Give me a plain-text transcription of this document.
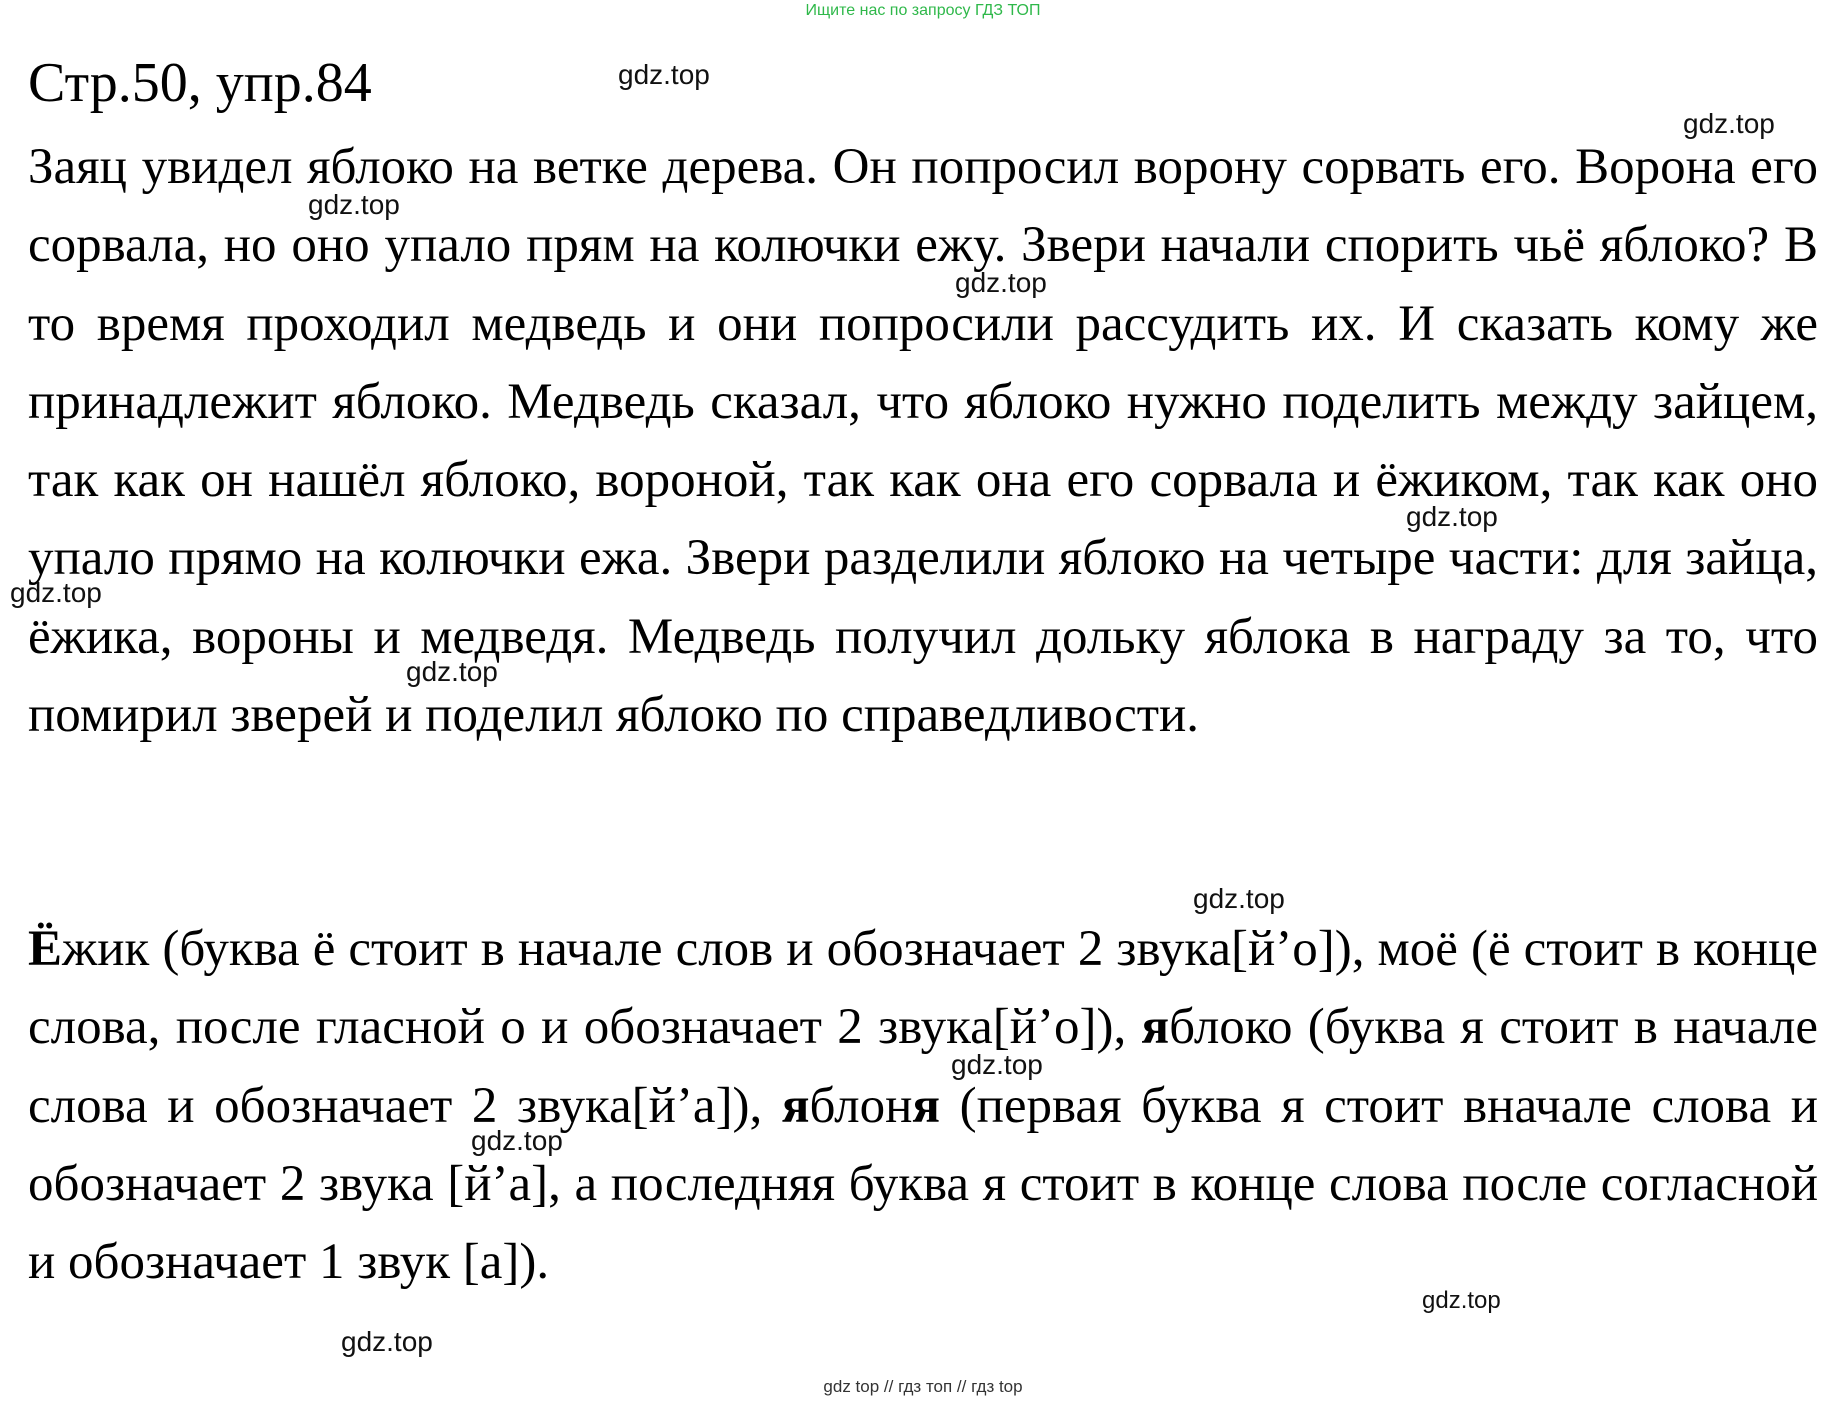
Ищите нас по запросу ГДЗ ТОП
Стр.50, упр.84

Заяц увидел яблоко на ветке дерева. Он попросил ворону сорвать его. Ворона его сорвала, но оно упало прям на колючки ежу. Звери начали спорить чьё яблоко? В то время проходил медведь и они попросили рассудить их. И сказать кому же принадлежит яблоко. Медведь сказал, что яблоко нужно поделить между зайцем, так как он нашёл яблоко, вороной, так как она его сорвала и ёжиком, так как оно упало прямо на колючки ежа. Звери разделили яблоко на четыре части: для зайца, ёжика, вороны и медведя. Медведь получил дольку яблока в награду за то, что помирил зверей и поделил яблоко по справедливости.

Ёжик (буква ё стоит в начале слов и обозначает 2 звука[й’о]), моё (ё стоит в конце слова, после гласной о и обозначает 2 звука[й’о]), яблоко (буква я стоит в начале слова и обозначает 2 звука[й’а]), яблоня (первая буква я стоит вначале слова и обозначает 2 звука [й’а], а последняя буква я стоит в конце слова после согласной и обозначает 1 звук [а]).

gdz.top
gdz.top
gdz.top
gdz.top
gdz.top
gdz.top
gdz.top
gdz.top
gdz.top
gdz.top
gdz.top
gdz.top
gdz top // гдз топ // гдз top
